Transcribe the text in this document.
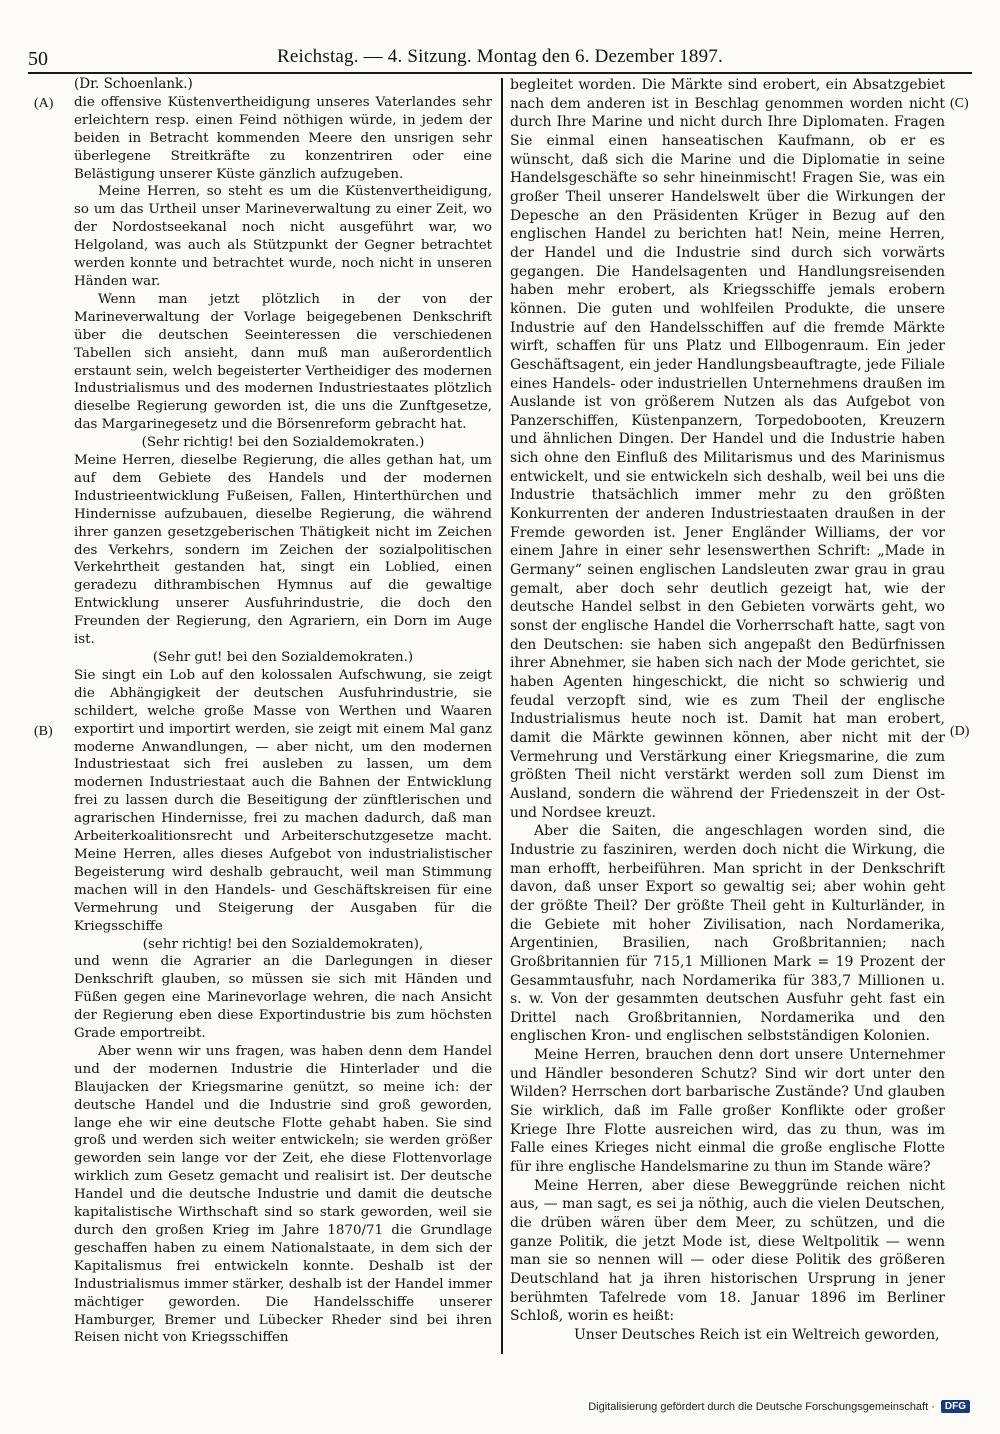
50	Reichstag. — 4. Sitzung. Montag den 6. Dezember 1897.
(A)
(B)
(C)
(D)

(Dr. Schoenlank.)

die offensive Küstenvertheidigung unseres Vaterlandes sehr erleichtern resp. einen Feind nöthigen würde, in jedem der beiden in Betracht kommenden Meere den unsrigen sehr überlegene Streitkräfte zu konzentriren oder eine Belästigung unserer Küste gänzlich aufzugeben.

Meine Herren, so steht es um die Küstenvertheidigung, so um das Urtheil unser Marineverwaltung zu einer Zeit, wo der Nordostseekanal noch nicht ausgeführt war, wo Helgoland, was auch als Stützpunkt der Gegner betrachtet werden konnte und betrachtet wurde, noch nicht in unseren Händen war.

Wenn man jetzt plötzlich in der von der Marineverwaltung der Vorlage beigegebenen Denkschrift über die deutschen Seeinteressen die verschiedenen Tabellen sich ansieht, dann muß man außerordentlich erstaunt sein, welch begeisterter Vertheidiger des modernen Industrialismus und des modernen Industriestaates plötzlich dieselbe Regierung geworden ist, die uns die Zunftgesetze, das Margarinegesetz und die Börsenreform gebracht hat.

(Sehr richtig! bei den Sozialdemokraten.)

Meine Herren, dieselbe Regierung, die alles gethan hat, um auf dem Gebiete des Handels und der modernen Industrieentwicklung Fußeisen, Fallen, Hinterthürchen und Hindernisse aufzubauen, dieselbe Regierung, die während ihrer ganzen gesetzgeberischen Thätigkeit nicht im Zeichen des Verkehrs, sondern im Zeichen der sozialpolitischen Verkehrtheit gestanden hat, singt ein Loblied, einen geradezu dithrambischen Hymnus auf die gewaltige Entwicklung unserer Ausfuhrindustrie, die doch den Freunden der Regierung, den Agrariern, ein Dorn im Auge ist.

(Sehr gut! bei den Sozialdemokraten.)

Sie singt ein Lob auf den kolossalen Aufschwung, sie zeigt die Abhängigkeit der deutschen Ausfuhrindustrie, sie schildert, welche große Masse von Werthen und Waaren exportirt und importirt werden, sie zeigt mit einem Mal ganz moderne Anwandlungen, — aber nicht, um den modernen Industriestaat sich frei ausleben zu lassen, um dem modernen Industriestaat auch die Bahnen der Entwicklung frei zu lassen durch die Beseitigung der zünftlerischen und agrarischen Hindernisse, frei zu machen dadurch, daß man Arbeiterkoalitionsrecht und Arbeiterschutzgesetze macht. Meine Herren, alles dieses Aufgebot von industrialistischer Begeisterung wird deshalb gebraucht, weil man Stimmung machen will in den Handels- und Geschäftskreisen für eine Vermehrung und Steigerung der Ausgaben für die Kriegsschiffe

(sehr richtig! bei den Sozialdemokraten),

und wenn die Agrarier an die Darlegungen in dieser Denkschrift glauben, so müssen sie sich mit Händen und Füßen gegen eine Marinevorlage wehren, die nach Ansicht der Regierung eben diese Exportindustrie bis zum höchsten Grade emportreibt.

Aber wenn wir uns fragen, was haben denn dem Handel und der modernen Industrie die Hinterlader und die Blaujacken der Kriegsmarine genützt, so meine ich: der deutsche Handel und die Industrie sind groß geworden, lange ehe wir eine deutsche Flotte gehabt haben. Sie sind groß und werden sich weiter entwickeln; sie werden größer geworden sein lange vor der Zeit, ehe diese Flottenvorlage wirklich zum Gesetz gemacht und realisirt ist. Der deutsche Handel und die deutsche Industrie und damit die deutsche kapitalistische Wirthschaft sind so stark geworden, weil sie durch den großen Krieg im Jahre 1870/71 die Grundlage geschaffen haben zu einem Nationalstaate, in dem sich der Kapitalismus frei entwickeln konnte. Deshalb ist der Industrialismus immer stärker, deshalb ist der Handel immer mächtiger geworden. Die Handelsschiffe unserer Hamburger, Bremer und Lübecker Rheder sind bei ihren Reisen nicht von Kriegsschiffen

begleitet worden. Die Märkte sind erobert, ein Absatzgebiet nach dem anderen ist in Beschlag genommen worden nicht durch Ihre Marine und nicht durch Ihre Diplomaten. Fragen Sie einmal einen hanseatischen Kaufmann, ob er es wünscht, daß sich die Marine und die Diplomatie in seine Handelsgeschäfte so sehr hineinmischt! Fragen Sie, was ein großer Theil unserer Handelswelt über die Wirkungen der Depesche an den Präsidenten Krüger in Bezug auf den englischen Handel zu berichten hat! Nein, meine Herren, der Handel und die Industrie sind durch sich vorwärts gegangen. Die Handelsagenten und Handlungsreisenden haben mehr erobert, als Kriegsschiffe jemals erobern können. Die guten und wohlfeilen Produkte, die unsere Industrie auf den Handelsschiffen auf die fremde Märkte wirft, schaffen für uns Platz und Ellbogenraum. Ein jeder Geschäftsagent, ein jeder Handlungsbeauftragte, jede Filiale eines Handels- oder industriellen Unternehmens draußen im Auslande ist von größerem Nutzen als das Aufgebot von Panzerschiffen, Küstenpanzern, Torpedobooten, Kreuzern und ähnlichen Dingen. Der Handel und die Industrie haben sich ohne den Einfluß des Militarismus und des Marinismus entwickelt, und sie entwickeln sich deshalb, weil bei uns die Industrie thatsächlich immer mehr zu den größten Konkurrenten der anderen Industriestaaten draußen in der Fremde geworden ist. Jener Engländer Williams, der vor einem Jahre in einer sehr lesenswerthen Schrift: „Made in Germany“ seinen englischen Landsleuten zwar grau in grau gemalt, aber doch sehr deutlich gezeigt hat, wie der deutsche Handel selbst in den Gebieten vorwärts geht, wo sonst der englische Handel die Vorherrschaft hatte, sagt von den Deutschen: sie haben sich angepaßt den Bedürfnissen ihrer Abnehmer, sie haben sich nach der Mode gerichtet, sie haben Agenten hingeschickt, die nicht so schwierig und feudal verzopft sind, wie es zum Theil der englische Industrialismus heute noch ist. Damit hat man erobert, damit die Märkte gewinnen können, aber nicht mit der Vermehrung und Verstärkung einer Kriegsmarine, die zum größten Theil nicht verstärkt werden soll zum Dienst im Ausland, sondern die während der Friedenszeit in der Ost- und Nordsee kreuzt.

Aber die Saiten, die angeschlagen worden sind, die Industrie zu fasziniren, werden doch nicht die Wirkung, die man erhofft, herbeiführen. Man spricht in der Denkschrift davon, daß unser Export so gewaltig sei; aber wohin geht der größte Theil? Der größte Theil geht in Kulturländer, in die Gebiete mit hoher Zivilisation, nach Nordamerika, Argentinien, Brasilien, nach Großbritannien; nach Großbritannien für 715,1 Millionen Mark = 19 Prozent der Gesammtausfuhr, nach Nordamerika für 383,7 Millionen u. s. w. Von der gesammten deutschen Ausfuhr geht fast ein Drittel nach Großbritannien, Nordamerika und den englischen Kron- und englischen selbstständigen Kolonien.

Meine Herren, brauchen denn dort unsere Unternehmer und Händler besonderen Schutz? Sind wir dort unter den Wilden? Herrschen dort barbarische Zustände? Und glauben Sie wirklich, daß im Falle großer Konflikte oder großer Kriege Ihre Flotte ausreichen wird, das zu thun, was im Falle eines Krieges nicht einmal die große englische Flotte für ihre englische Handelsmarine zu thun im Stande wäre?

Meine Herren, aber diese Beweggründe reichen nicht aus, — man sagt, es sei ja nöthig, auch die vielen Deutschen, die drüben wären über dem Meer, zu schützen, und die ganze Politik, die jetzt Mode ist, diese Weltpolitik — wenn man sie so nennen will — oder diese Politik des größeren Deutschland hat ja ihren historischen Ursprung in jener berühmten Tafelrede vom 18. Januar 1896 im Berliner Schloß, worin es heißt:

Unser Deutsches Reich ist ein Weltreich geworden,

Digitalisierung gefördert durch die Deutsche Forschungsgemeinschaft ·	DFG
